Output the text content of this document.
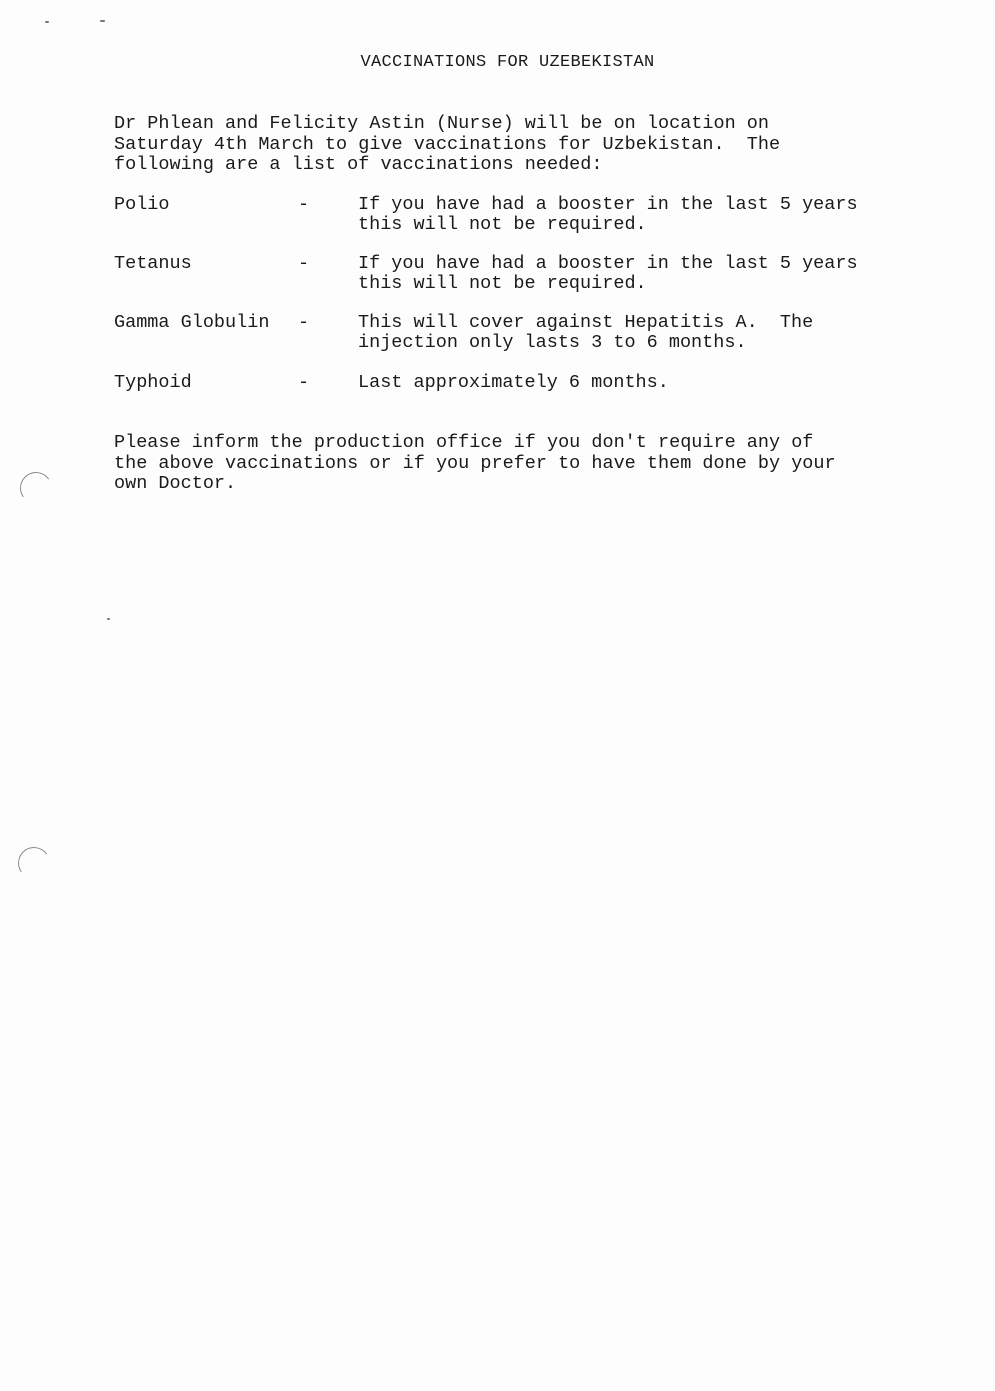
VACCINATIONS FOR UZEBEKISTAN
Dr Phlean and Felicity Astin (Nurse) will be on location on
Saturday 4th March to give vaccinations for Uzbekistan.  The
following are a list of vaccinations needed:
Polio	-	If you have had a booster in the last 5 years
this will not be required.
Tetanus	-	If you have had a booster in the last 5 years
this will not be required.
Gamma Globulin -	This will cover against Hepatitis A.  The
injection only lasts 3 to 6 months.
Typhoid	-	Last approximately 6 months.
Please inform the production office if you don't require any of
the above vaccinations or if you prefer to have them done by your
own Doctor.
